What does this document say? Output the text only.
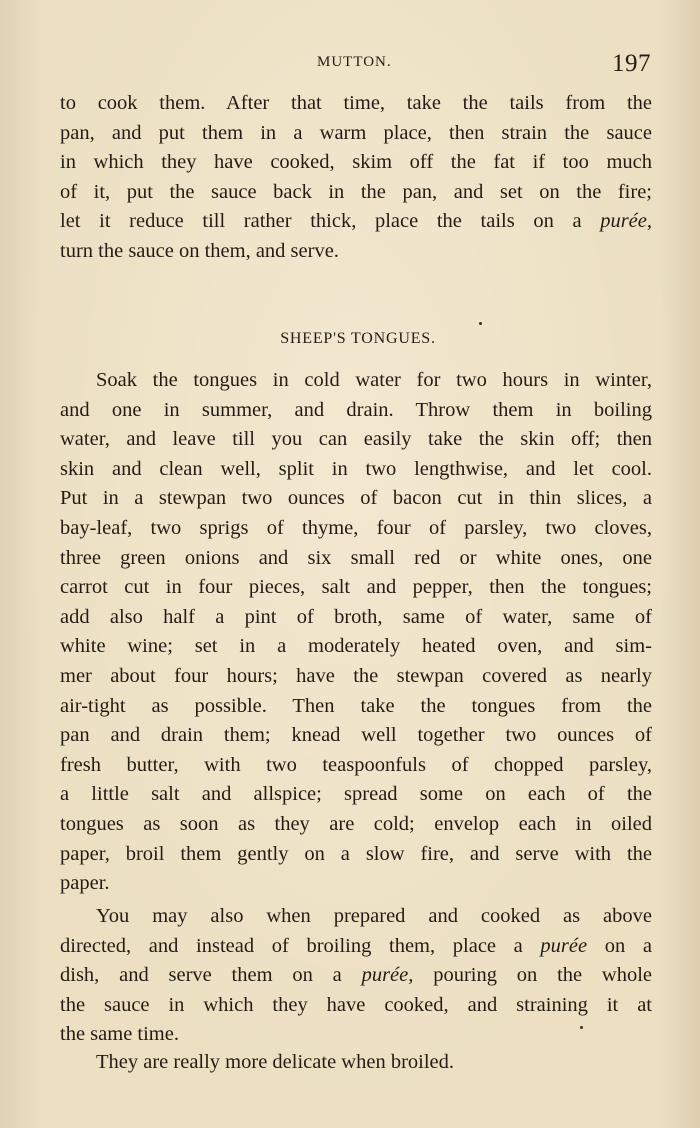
MUTTON.	197
to cook them. After that time, take the tails from the
pan, and put them in a warm place, then strain the sauce
in which they have cooked, skim off the fat if too much
of it, put the sauce back in the pan, and set on the fire;
let it reduce till rather thick, place the tails on a purée,
turn the sauce on them, and serve.
SHEEP'S TONGUES.
Soak the tongues in cold water for two hours in winter,
and one in summer, and drain. Throw them in boiling
water, and leave till you can easily take the skin off; then
skin and clean well, split in two lengthwise, and let cool.
Put in a stewpan two ounces of bacon cut in thin slices, a
bay-leaf, two sprigs of thyme, four of parsley, two cloves,
three green onions and six small red or white ones, one
carrot cut in four pieces, salt and pepper, then the tongues;
add also half a pint of broth, same of water, same of
white wine; set in a moderately heated oven, and sim-
mer about four hours; have the stewpan covered as nearly
air-tight as possible. Then take the tongues from the
pan and drain them; knead well together two ounces of
fresh butter, with two teaspoonfuls of chopped parsley,
a little salt and allspice; spread some on each of the
tongues as soon as they are cold; envelop each in oiled
paper, broil them gently on a slow fire, and serve with the
paper.
You may also when prepared and cooked as above
directed, and instead of broiling them, place a purée on a
dish, and serve them on a purée, pouring on the whole
the sauce in which they have cooked, and straining it at
the same time.
They are really more delicate when broiled.
